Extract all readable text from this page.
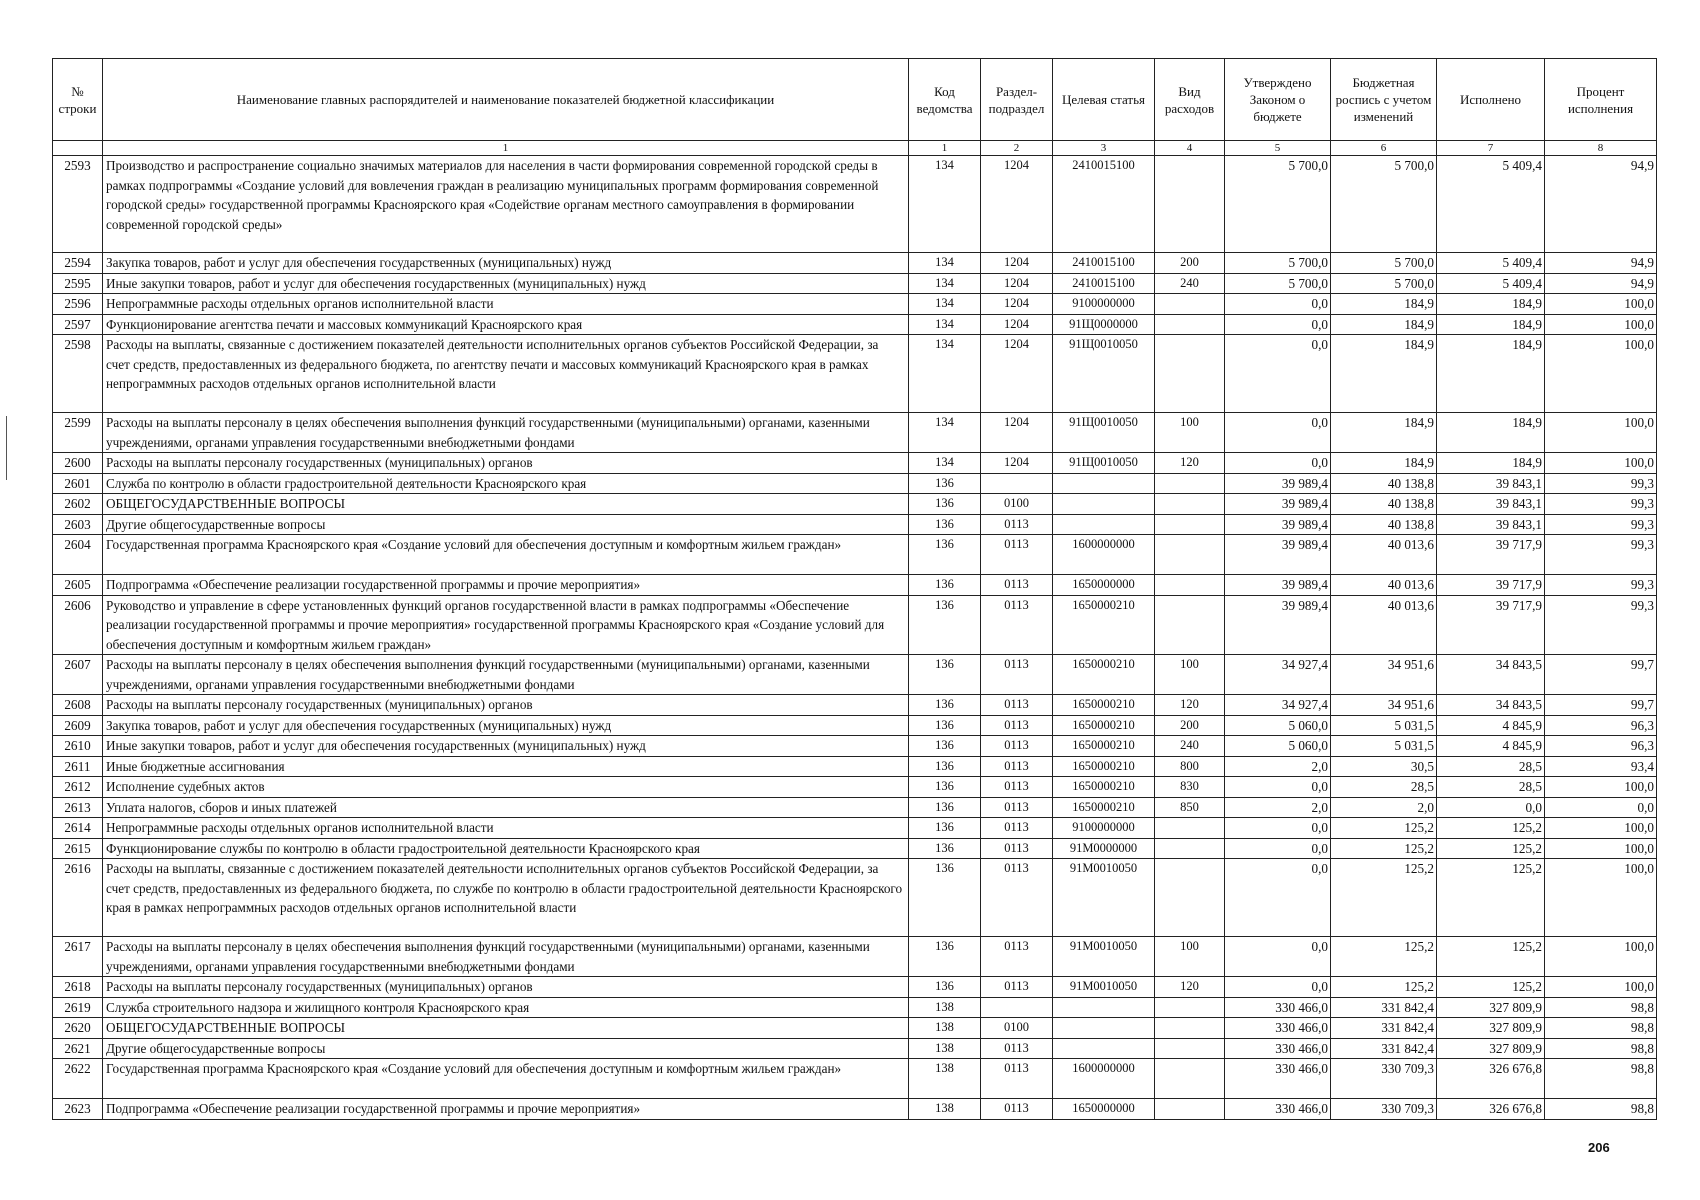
№ строки	Наименование главных распорядителей и наименование показателей бюджетной классификации	Код ведомства	Раздел-подраздел	Целевая статья	Вид расходов	Утверждено Законом о бюджете	Бюджетная роспись с учетом изменений	Исполнено	Процент исполнения
	1	1	2	3	4	5	6	7	8
2593	Производство и распространение социально значимых материалов для населения в части формирования современной городской среды в рамках подпрограммы «Создание условий для вовлечения граждан в реализацию муниципальных программ формирования современной городской среды» государственной программы Красноярского края «Содействие органам местного самоуправления в формировании современной городской среды»	134	1204	2410015100		5 700,0	5 700,0	5 409,4	94,9
2594	Закупка товаров, работ и услуг для обеспечения государственных (муниципальных) нужд	134	1204	2410015100	200	5 700,0	5 700,0	5 409,4	94,9
2595	Иные закупки товаров, работ и услуг для обеспечения государственных (муниципальных) нужд	134	1204	2410015100	240	5 700,0	5 700,0	5 409,4	94,9
2596	Непрограммные расходы отдельных органов исполнительной власти	134	1204	9100000000		0,0	184,9	184,9	100,0
2597	Функционирование агентства печати и массовых коммуникаций Красноярского края	134	1204	91Щ0000000		0,0	184,9	184,9	100,0
2598	Расходы на выплаты, связанные с достижением показателей деятельности исполнительных органов субъектов Российской Федерации, за счет средств, предоставленных из федерального бюджета, по агентству печати и массовых коммуникаций Красноярского края в рамках непрограммных расходов отдельных органов исполнительной власти	134	1204	91Щ0010050		0,0	184,9	184,9	100,0
2599	Расходы на выплаты персоналу в целях обеспечения выполнения функций государственными (муниципальными) органами, казенными учреждениями, органами управления государственными внебюджетными фондами	134	1204	91Щ0010050	100	0,0	184,9	184,9	100,0
2600	Расходы на выплаты персоналу государственных (муниципальных) органов	134	1204	91Щ0010050	120	0,0	184,9	184,9	100,0
2601	Служба по контролю в области градостроительной деятельности Красноярского края	136				39 989,4	40 138,8	39 843,1	99,3
2602	ОБЩЕГОСУДАРСТВЕННЫЕ ВОПРОСЫ	136	0100			39 989,4	40 138,8	39 843,1	99,3
2603	Другие общегосударственные вопросы	136	0113			39 989,4	40 138,8	39 843,1	99,3
2604	Государственная программа Красноярского края «Создание условий для обеспечения доступным и комфортным жильем граждан»	136	0113	1600000000		39 989,4	40 013,6	39 717,9	99,3
2605	Подпрограмма «Обеспечение реализации государственной программы и прочие мероприятия»	136	0113	1650000000		39 989,4	40 013,6	39 717,9	99,3
2606	Руководство и управление в сфере установленных функций органов государственной власти в рамках подпрограммы «Обеспечение реализации государственной программы и прочие мероприятия» государственной программы Красноярского края «Создание условий для обеспечения доступным и комфортным жильем граждан»	136	0113	1650000210		39 989,4	40 013,6	39 717,9	99,3
2607	Расходы на выплаты персоналу в целях обеспечения выполнения функций государственными (муниципальными) органами, казенными учреждениями, органами управления государственными внебюджетными фондами	136	0113	1650000210	100	34 927,4	34 951,6	34 843,5	99,7
2608	Расходы на выплаты персоналу государственных (муниципальных) органов	136	0113	1650000210	120	34 927,4	34 951,6	34 843,5	99,7
2609	Закупка товаров, работ и услуг для обеспечения государственных (муниципальных) нужд	136	0113	1650000210	200	5 060,0	5 031,5	4 845,9	96,3
2610	Иные закупки товаров, работ и услуг для обеспечения государственных (муниципальных) нужд	136	0113	1650000210	240	5 060,0	5 031,5	4 845,9	96,3
2611	Иные бюджетные ассигнования	136	0113	1650000210	800	2,0	30,5	28,5	93,4
2612	Исполнение судебных актов	136	0113	1650000210	830	0,0	28,5	28,5	100,0
2613	Уплата налогов, сборов и иных платежей	136	0113	1650000210	850	2,0	2,0	0,0	0,0
2614	Непрограммные расходы отдельных органов исполнительной власти	136	0113	9100000000		0,0	125,2	125,2	100,0
2615	Функционирование службы по контролю в области градостроительной деятельности Красноярского края	136	0113	91М0000000		0,0	125,2	125,2	100,0
2616	Расходы на выплаты, связанные с достижением показателей деятельности исполнительных органов субъектов Российской Федерации, за счет средств, предоставленных из федерального бюджета, по службе по контролю в области градостроительной деятельности Красноярского края в рамках непрограммных расходов отдельных органов исполнительной власти	136	0113	91М0010050		0,0	125,2	125,2	100,0
2617	Расходы на выплаты персоналу в целях обеспечения выполнения функций государственными (муниципальными) органами, казенными учреждениями, органами управления государственными внебюджетными фондами	136	0113	91М0010050	100	0,0	125,2	125,2	100,0
2618	Расходы на выплаты персоналу государственных (муниципальных) органов	136	0113	91М0010050	120	0,0	125,2	125,2	100,0
2619	Служба строительного надзора и жилищного контроля Красноярского края	138				330 466,0	331 842,4	327 809,9	98,8
2620	ОБЩЕГОСУДАРСТВЕННЫЕ ВОПРОСЫ	138	0100			330 466,0	331 842,4	327 809,9	98,8
2621	Другие общегосударственные вопросы	138	0113			330 466,0	331 842,4	327 809,9	98,8
2622	Государственная программа Красноярского края «Создание условий для обеспечения доступным и комфортным жильем граждан»	138	0113	1600000000		330 466,0	330 709,3	326 676,8	98,8
2623	Подпрограмма «Обеспечение реализации государственной программы и прочие мероприятия»	138	0113	1650000000		330 466,0	330 709,3	326 676,8	98,8
206
